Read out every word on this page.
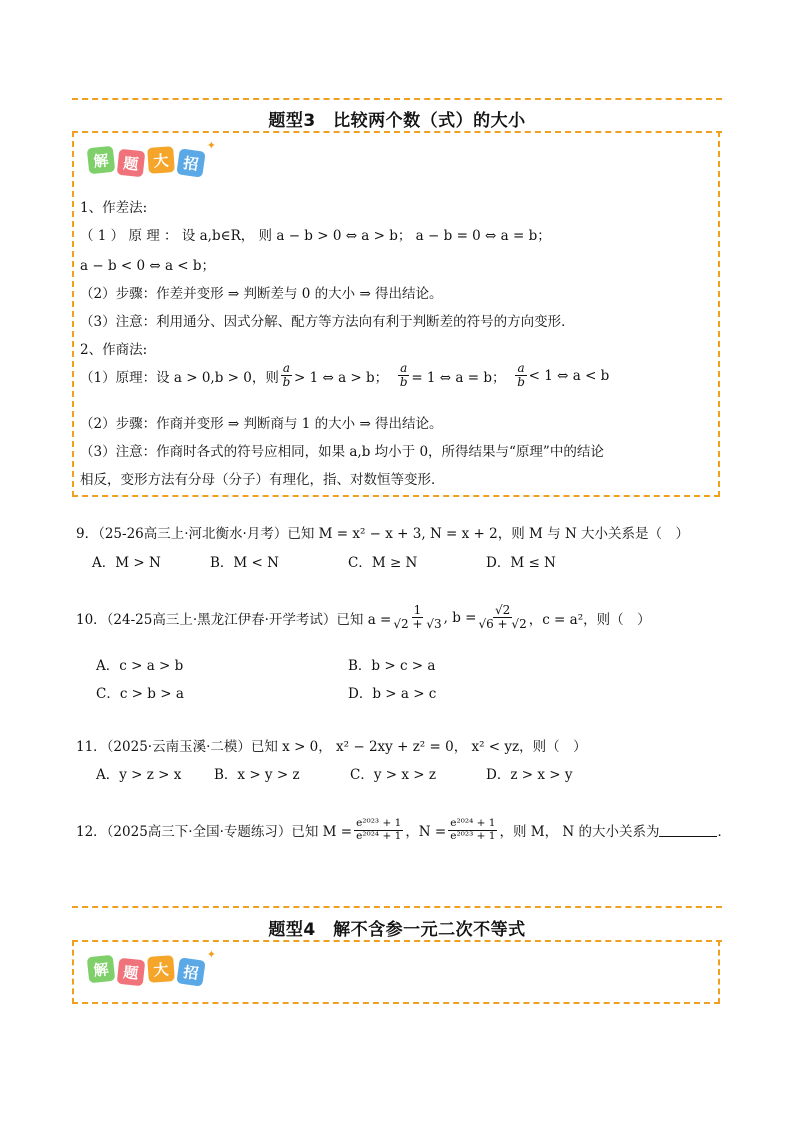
题型3　比较两个数（式）的大小
解 题 大 招
✦
1、作差法:
（ 1 ） 原 理 ： 设 a,b∈R， 则 a − b > 0 ⇔ a > b； a − b = 0 ⇔ a = b；
a − b < 0 ⇔ a < b；
（2）步骤：作差并变形 ⇒ 判断差与 0 的大小 ⇒ 得出结论。
（3）注意：利用通分、因式分解、配方等方法向有利于判断差的符号的方向变形．
2、作商法:
（1）原理：设 a > 0,b > 0，则 $\frac{a}{b} > 1$ ⇔ a > b； $\frac{a}{b} = 1$ ⇔ a = b； $\frac{a}{b} < 1$ ⇔ a < b
（2）步骤：作商并变形 ⇒ 判断商与 1 的大小 ⇒ 得出结论。
（3）注意：作商时各式的符号应相同，如果 a,b 均小于 0，所得结果与“原理”中的结论
相反，变形方法有分母（分子）有理化，指、对数恒等变形．
9．（25-26高三上·河北衡水·月考）已知 M = x² − x + 3, N = x + 2，则 M 与 N 大小关系是（　）
A．M > N	B．M < N	C．M ≥ N	D．M ≤ N
10．（24-25高三上·黑龙江伊春·开学考试）已知 $a = \frac{1}{√2 + √3}$ , $b = \frac{√2}{√6 + √2}$ ，c = a²，则（　）
A．c > a > b	B．b > c > a
C．c > b > a	D．b > a > c
11．（2025·云南玉溪·二模）已知 x > 0， x² − 2xy + z² = 0， x² < yz，则（　）
A．y > z > x B．x > y > z	C．y > x > z	D．z > x > y
12．（2025高三下·全国·专题练习）已知 $M = \frac{\text{e²⁰²³ + 1}}{\text{e²⁰²⁴ + 1}}$ ，$N = \frac{\text{e²⁰²⁴ + 1}}{\text{e²⁰²³ + 1}}$ ，则 M， N 的大小关系为	．
题型4　解不含参一元二次不等式
解 题 大 招
✦
